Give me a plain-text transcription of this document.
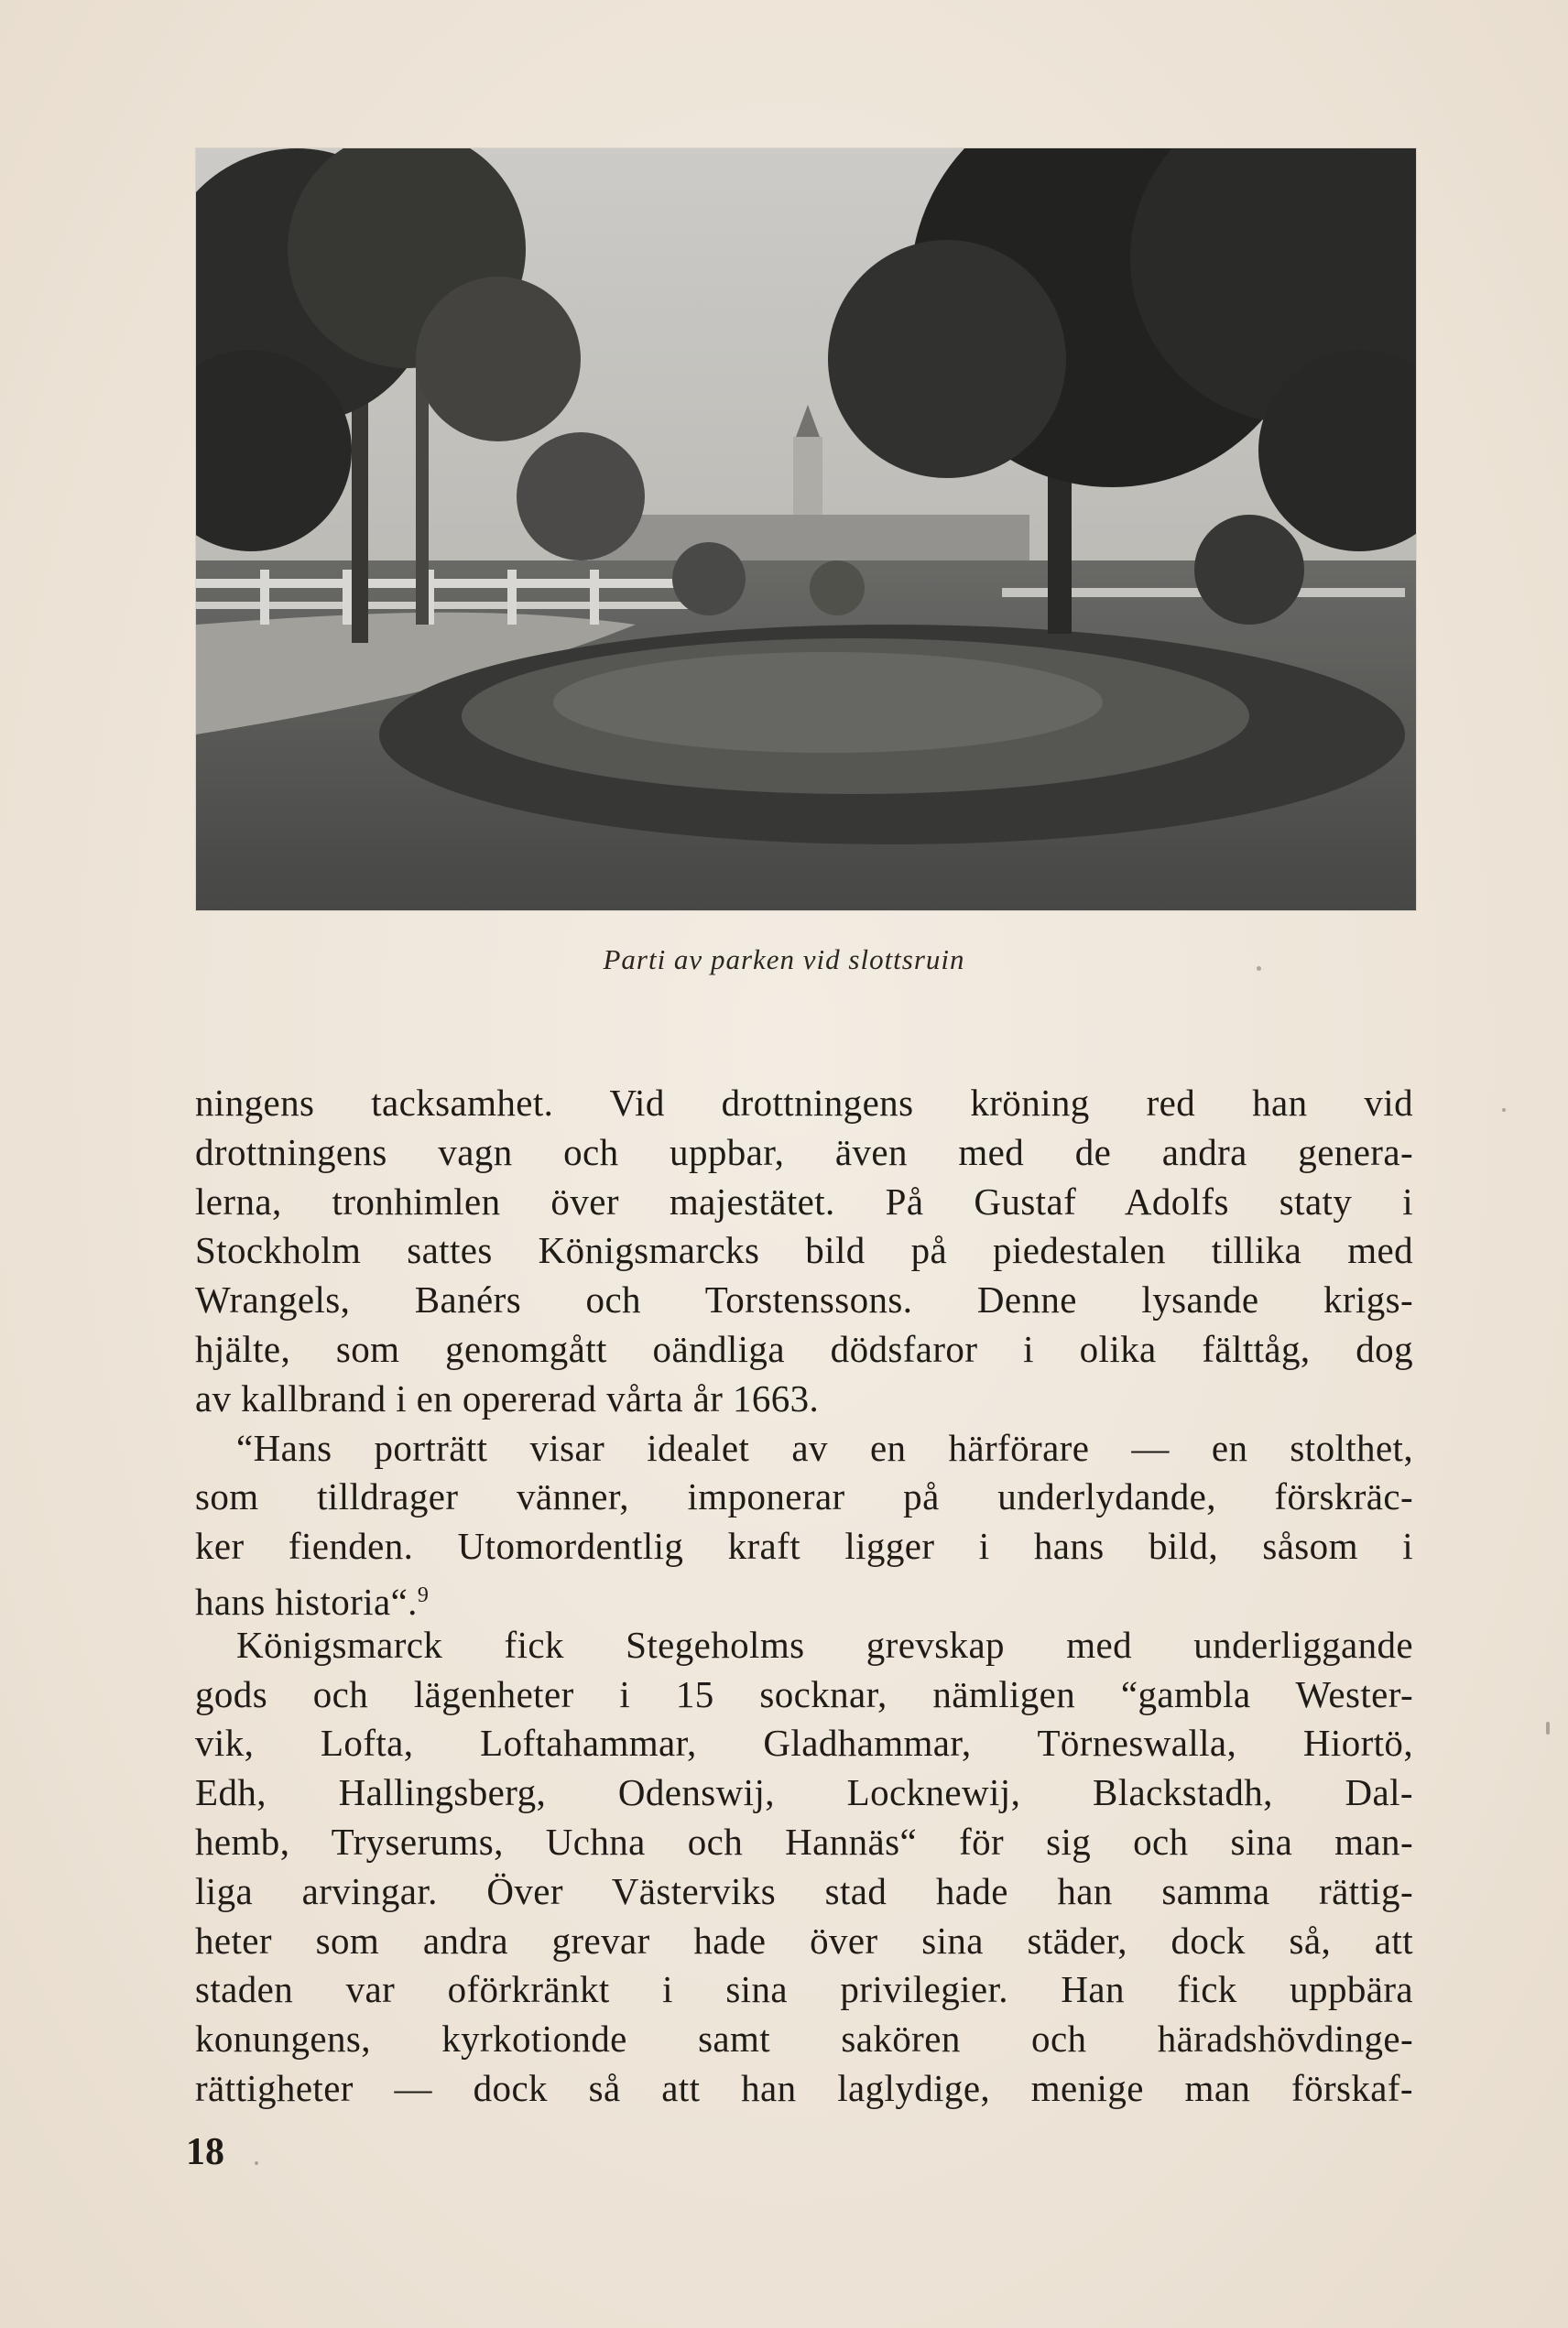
Parti av parken vid slottsruin
ningens tacksamhet. Vid drottningens kröning red han vid
drottningens vagn och uppbar, även med de andra genera-
lerna, tronhimlen över majestätet. På Gustaf Adolfs staty i
Stockholm sattes Königsmarcks bild på piedestalen tillika med
Wrangels, Banérs och Torstenssons. Denne lysande krigs-
hjälte, som genomgått oändliga dödsfaror i olika fälttåg, dog
av kallbrand i en opererad vårta år 1663.
“Hans porträtt visar idealet av en härförare — en stolthet,
som tilldrager vänner, imponerar på underlydande, förskräc-
ker fienden. Utomordentlig kraft ligger i hans bild, såsom i
hans historia“.$^9$
Königsmarck fick Stegeholms grevskap med underliggande
gods och lägenheter i 15 socknar, nämligen “gambla Wester-
vik, Lofta, Loftahammar, Gladhammar, Törneswalla, Hiortö,
Edh, Hallingsberg, Odenswij, Locknewij, Blackstadh, Dal-
hemb, Tryserums, Uchna och Hannäs“ för sig och sina man-
liga arvingar. Över Västerviks stad hade han samma rättig-
heter som andra grevar hade över sina städer, dock så, att
staden var oförkränkt i sina privilegier. Han fick uppbära
konungens, kyrkotionde samt sakören och häradshövdinge-
rättigheter — dock så att han laglydige, menige man förskaf-
18
